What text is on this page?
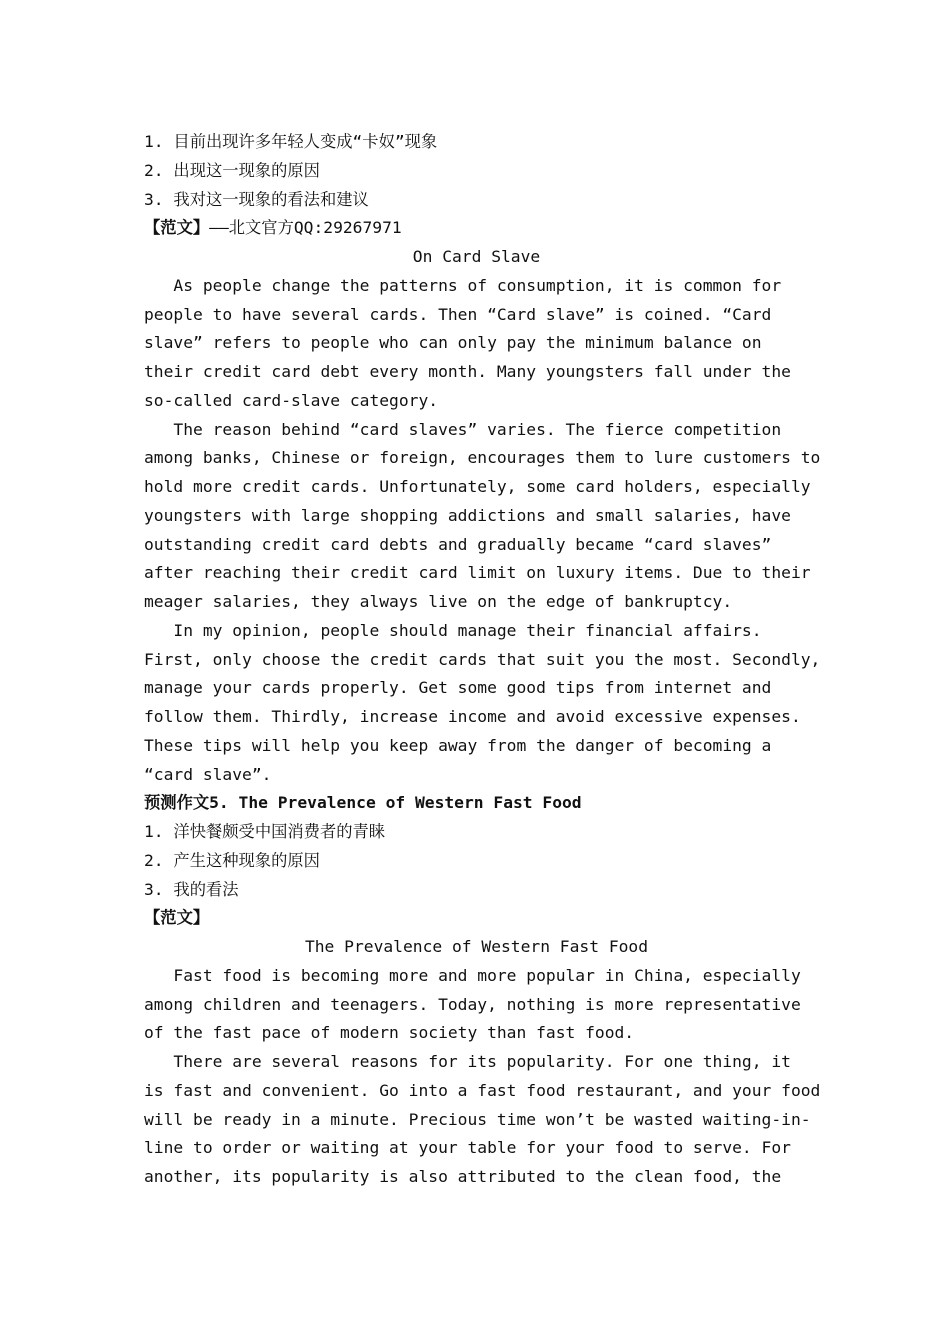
1. 目前出现许多年轻人变成“卡奴”现象
2. 出现这一现象的原因
3. 我对这一现象的看法和建议
【范文】——北文官方QQ:29267971
On Card Slave
As people change the patterns of consumption, it is common for
people to have several cards. Then “Card slave” is coined. “Card
slave” refers to people who can only pay the minimum balance on
their credit card debt every month. Many youngsters fall under the
so-called card-slave category.
The reason behind “card slaves” varies. The fierce competition
among banks, Chinese or foreign, encourages them to lure customers to
hold more credit cards. Unfortunately, some card holders, especially
youngsters with large shopping addictions and small salaries, have
outstanding credit card debts and gradually became “card slaves”
after reaching their credit card limit on luxury items. Due to their
meager salaries, they always live on the edge of bankruptcy.
In my opinion, people should manage their financial affairs.
First, only choose the credit cards that suit you the most. Secondly,
manage your cards properly. Get some good tips from internet and
follow them. Thirdly, increase income and avoid excessive expenses.
These tips will help you keep away from the danger of becoming a
“card slave”.
预测作文5. The Prevalence of Western Fast Food
1. 洋快餐颇受中国消费者的青睐
2. 产生这种现象的原因
3. 我的看法
【范文】
The Prevalence of Western Fast Food
Fast food is becoming more and more popular in China, especially
among children and teenagers. Today, nothing is more representative
of the fast pace of modern society than fast food.
There are several reasons for its popularity. For one thing, it
is fast and convenient. Go into a fast food restaurant, and your food
will be ready in a minute. Precious time won’t be wasted waiting-in-
line to order or waiting at your table for your food to serve. For
another, its popularity is also attributed to the clean food, the
